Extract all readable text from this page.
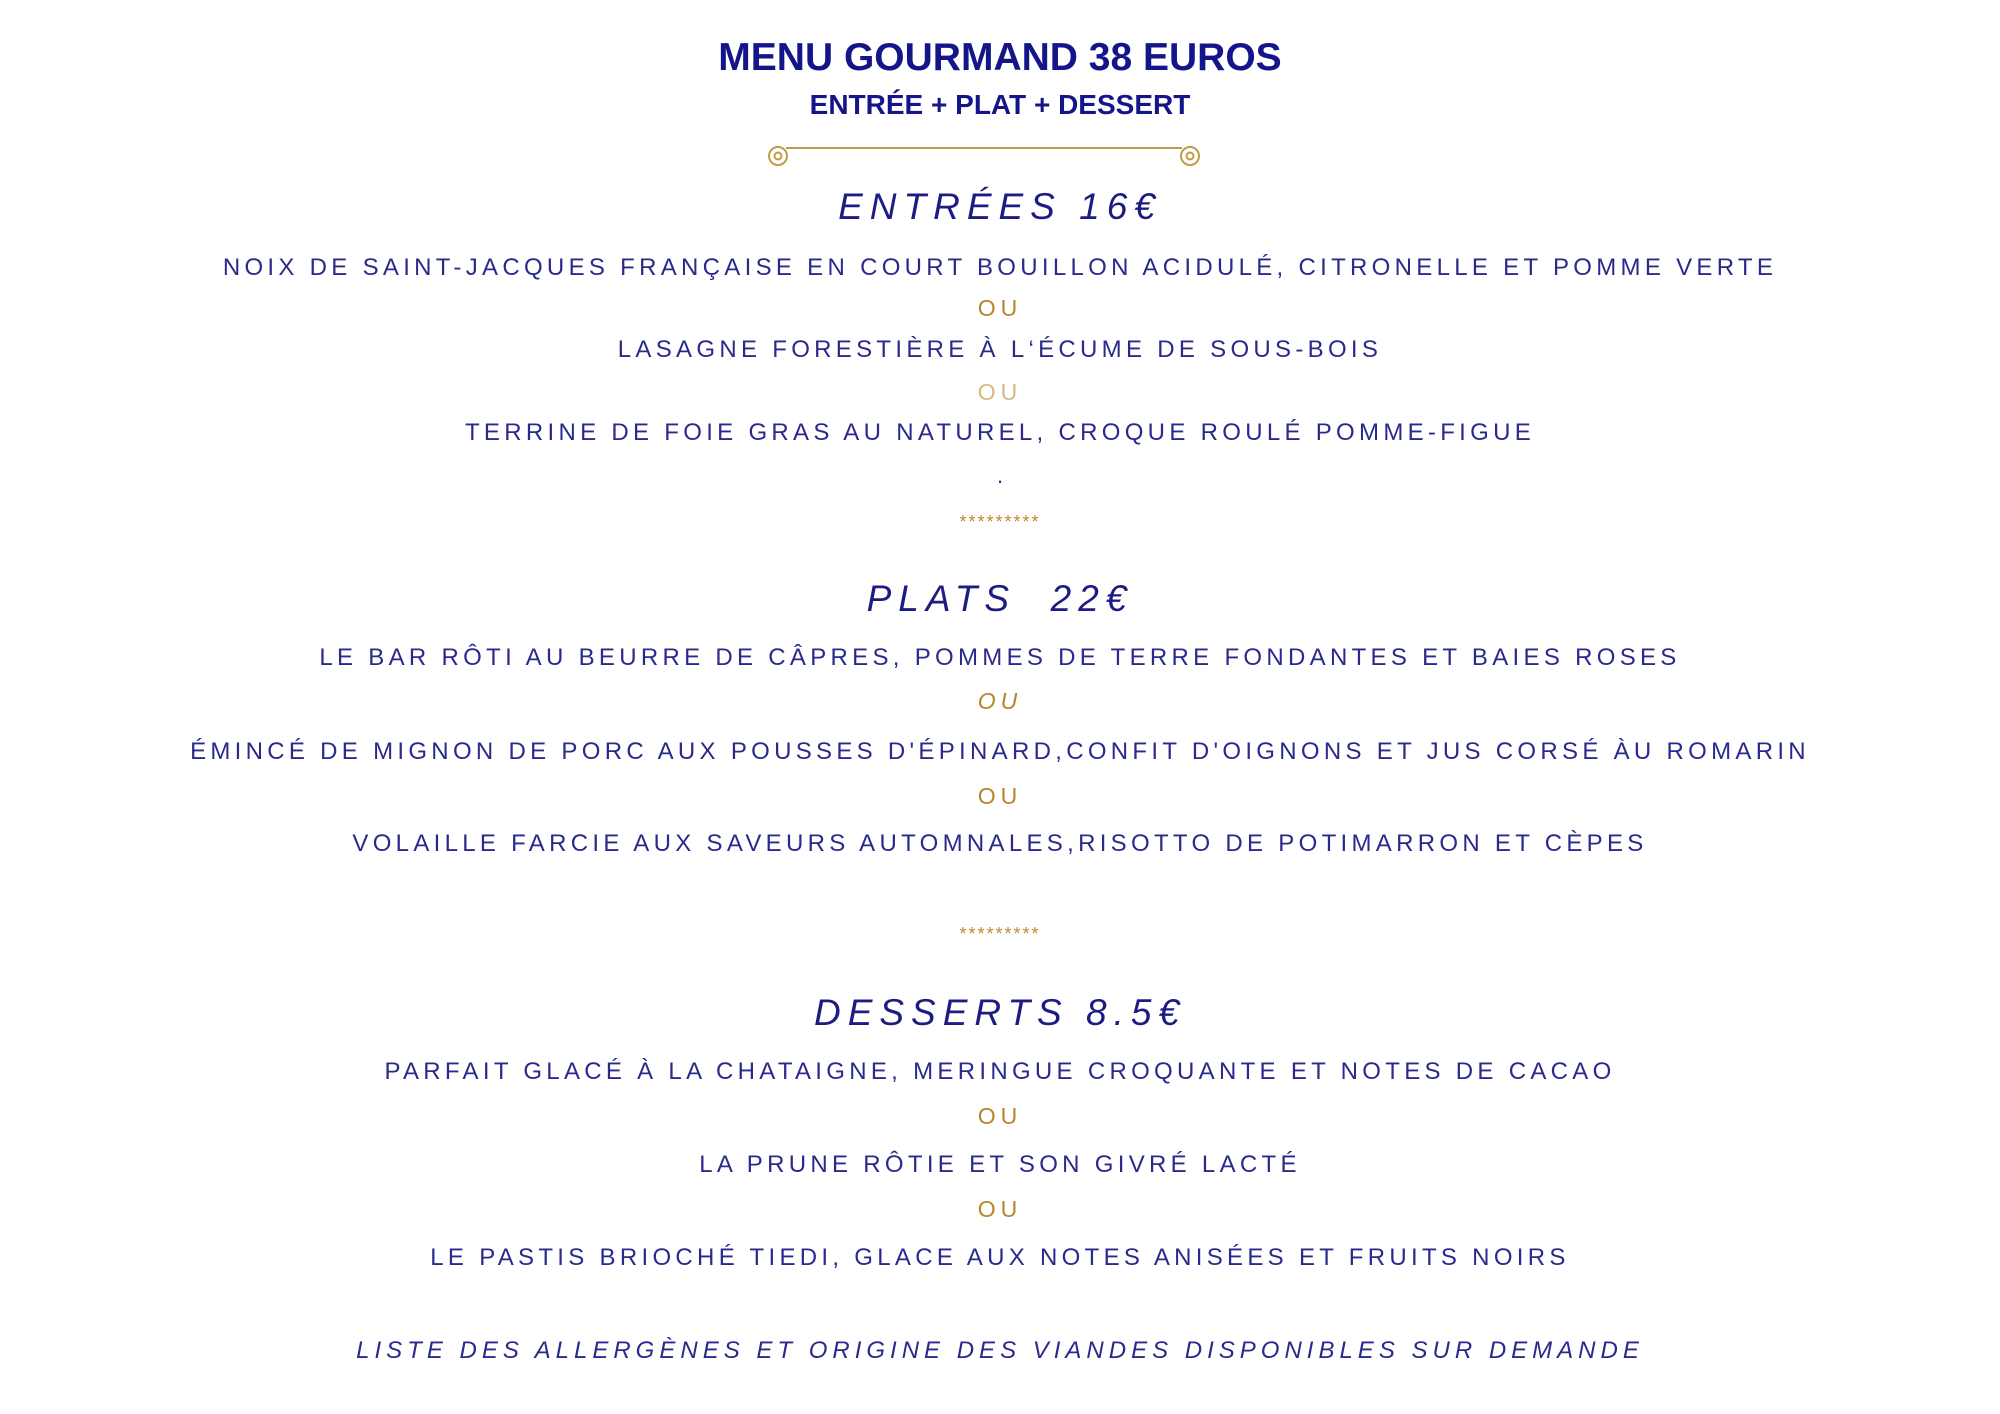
MENU GOURMAND 38 EUROS
ENTRÉE + PLAT + DESSERT
ENTRÉES 16€
NOIX DE SAINT-JACQUES FRANÇAISE EN COURT BOUILLON ACIDULÉ, CITRONELLE ET POMME VERTE
OU
LASAGNE FORESTIÈRE À L‘ÉCUME DE SOUS-BOIS
OU
TERRINE DE FOIE GRAS AU NATUREL, CROQUE ROULÉ POMME-FIGUE
.
*********
PLATS  22€
LE BAR RÔTI AU BEURRE DE CÂPRES, POMMES DE TERRE FONDANTES ET BAIES ROSES
OU
ÉMINCÉ DE MIGNON DE PORC AUX POUSSES D'ÉPINARD,CONFIT D'OIGNONS ET JUS CORSÉ ÀU ROMARIN
OU
VOLAILLE FARCIE AUX SAVEURS AUTOMNALES,RISOTTO DE POTIMARRON ET CÈPES
*********
DESSERTS 8.5€
PARFAIT GLACÉ À LA CHATAIGNE, MERINGUE CROQUANTE ET NOTES DE CACAO
OU
LA PRUNE RÔTIE ET SON GIVRÉ LACTÉ
OU
LE PASTIS BRIOCHÉ TIEDI, GLACE AUX NOTES ANISÉES ET FRUITS NOIRS
LISTE DES ALLERGÈNES ET ORIGINE DES VIANDES DISPONIBLES SUR DEMANDE
